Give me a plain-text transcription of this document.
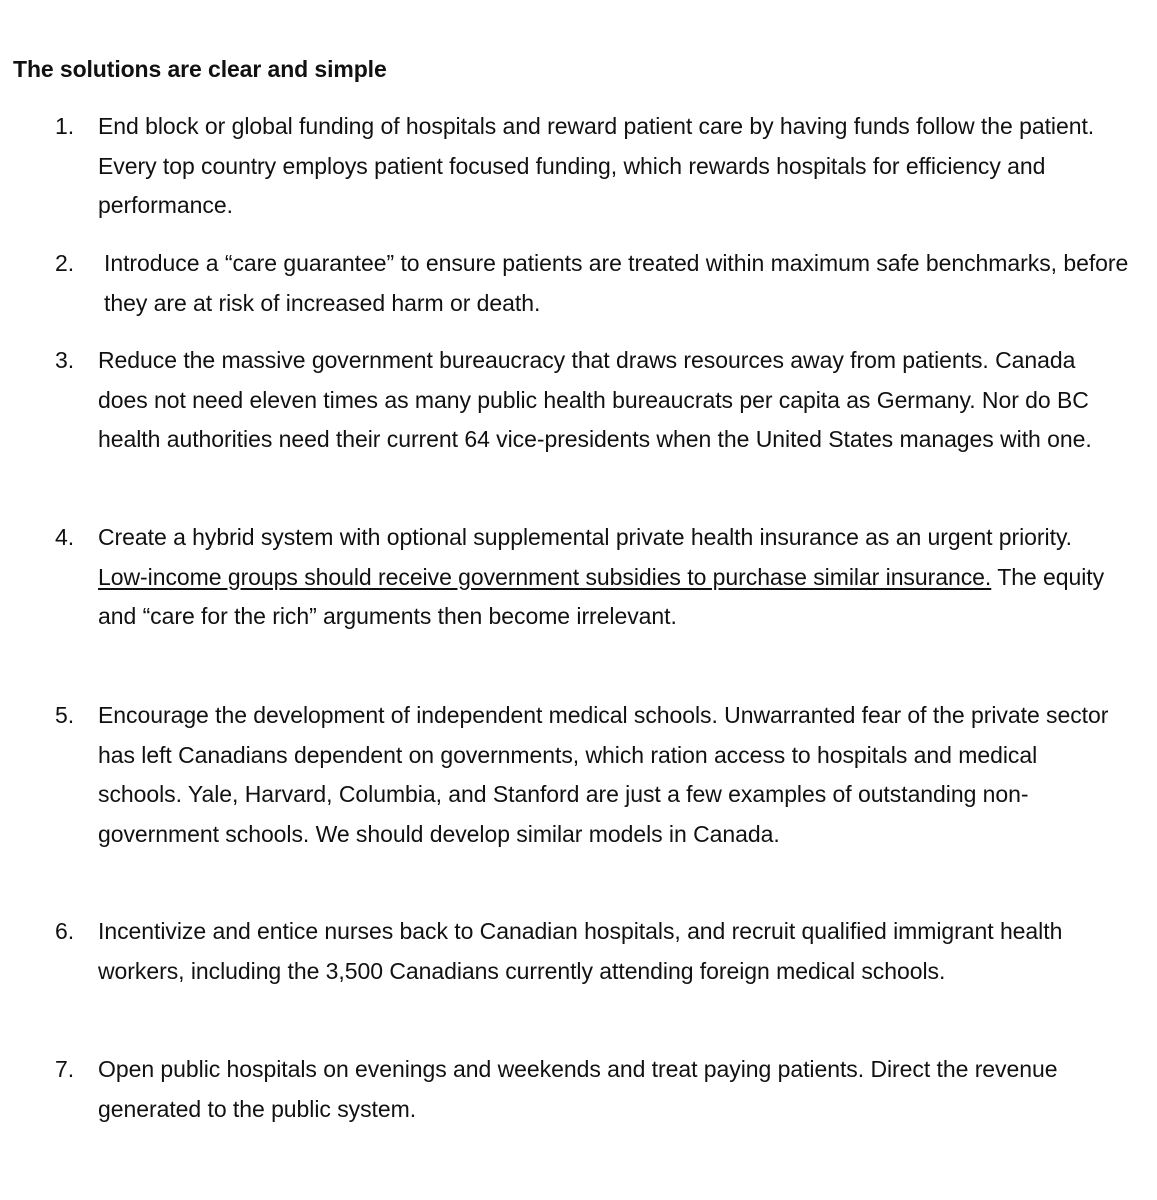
The solutions are clear and simple
1. End block or global funding of hospitals and reward patient care by having funds follow the patient. Every top country employs patient focused funding, which rewards hospitals for efficiency and performance.
2. Introduce a “care guarantee” to ensure patients are treated within maximum safe benchmarks, before they are at risk of increased harm or death.
3. Reduce the massive government bureaucracy that draws resources away from patients. Canada does not need eleven times as many public health bureaucrats per capita as Germany. Nor do BC health authorities need their current 64 vice-presidents when the United States manages with one.
4. Create a hybrid system with optional supplemental private health insurance as an urgent priority. Low-income groups should receive government subsidies to purchase similar insurance. The equity and “care for the rich” arguments then become irrelevant.
5. Encourage the development of independent medical schools. Unwarranted fear of the private sector has left Canadians dependent on governments, which ration access to hospitals and medical schools. Yale, Harvard, Columbia, and Stanford are just a few examples of outstanding non-government schools. We should develop similar models in Canada.
6. Incentivize and entice nurses back to Canadian hospitals, and recruit qualified immigrant health workers, including the 3,500 Canadians currently attending foreign medical schools.
7. Open public hospitals on evenings and weekends and treat paying patients. Direct the revenue generated to the public system.
